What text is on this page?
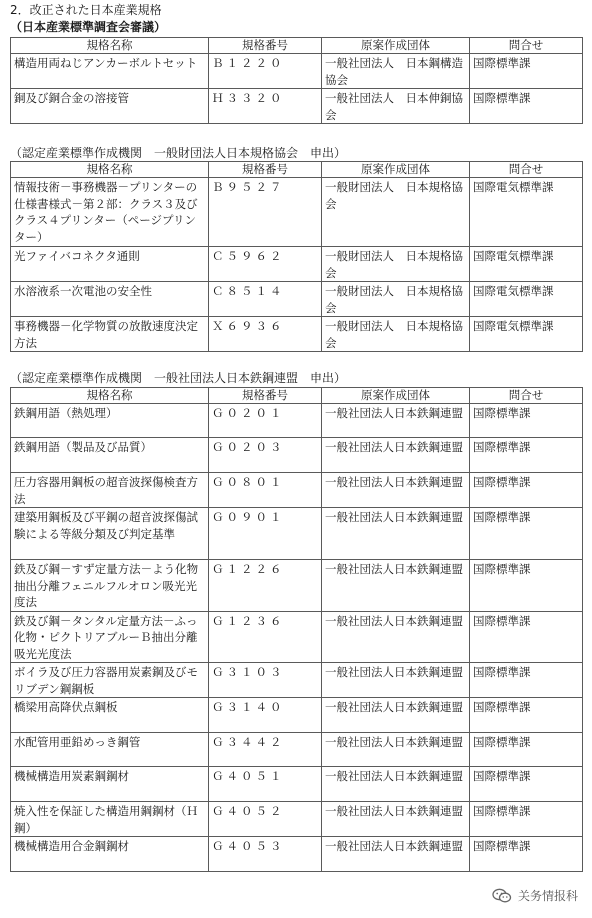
2．改正された日本産業規格
（日本産業標準調査会審議）
規格名称	規格番号	原案作成団体	問合せ
構造用両ねじアンカーボルトセット	Ｂ１２２０	一般社団法人　日本鋼構造協会	国際標準課
銅及び銅合金の溶接管	Ｈ３３２０	一般社団法人　日本伸銅協会	国際標準課
（認定産業標準作成機関　一般財団法人日本規格協会　申出）
規格名称	規格番号	原案作成団体	問合せ
情報技術－事務機器－プリンターの仕様書様式－第２部：クラス３及びクラス４プリンター（ページプリンター）	Ｂ９５２７	一般財団法人　日本規格協会	国際電気標準課
光ファイバコネクタ通則	Ｃ５９６２	一般財団法人　日本規格協会	国際電気標準課
水溶液系一次電池の安全性	Ｃ８５１４	一般財団法人　日本規格協会	国際電気標準課
事務機器－化学物質の放散速度決定方法	Ｘ６９３６	一般財団法人　日本規格協会	国際電気標準課
（認定産業標準作成機関　一般社団法人日本鉄鋼連盟　申出）
規格名称	規格番号	原案作成団体	問合せ
鉄鋼用語（熱処理）	Ｇ０２０１	一般社団法人日本鉄鋼連盟	国際標準課
鉄鋼用語（製品及び品質）	Ｇ０２０３	一般社団法人日本鉄鋼連盟	国際標準課
圧力容器用鋼板の超音波探傷検査方法	Ｇ０８０１	一般社団法人日本鉄鋼連盟	国際標準課
建築用鋼板及び平鋼の超音波探傷試験による等級分類及び判定基準	Ｇ０９０１	一般社団法人日本鉄鋼連盟	国際標準課
鉄及び鋼－すず定量方法－よう化物抽出分離フェニルフルオロン吸光光度法	Ｇ１２２６	一般社団法人日本鉄鋼連盟	国際標準課
鉄及び鋼－タンタル定量方法－ふっ化物・ピクトリアブルーＢ抽出分離吸光光度法	Ｇ１２３６	一般社団法人日本鉄鋼連盟	国際標準課
ボイラ及び圧力容器用炭素鋼及びモリブデン鋼鋼板	Ｇ３１０３	一般社団法人日本鉄鋼連盟	国際標準課
橋梁用高降伏点鋼板	Ｇ３１４０	一般社団法人日本鉄鋼連盟	国際標準課
水配管用亜鉛めっき鋼管	Ｇ３４４２	一般社団法人日本鉄鋼連盟	国際標準課
機械構造用炭素鋼鋼材	Ｇ４０５１	一般社団法人日本鉄鋼連盟	国際標準課
焼入性を保証した構造用鋼鋼材（Ｈ鋼）	Ｇ４０５２	一般社団法人日本鉄鋼連盟	国際標準課
機械構造用合金鋼鋼材	Ｇ４０５３	一般社団法人日本鉄鋼連盟	国際標準課
关务情报科
